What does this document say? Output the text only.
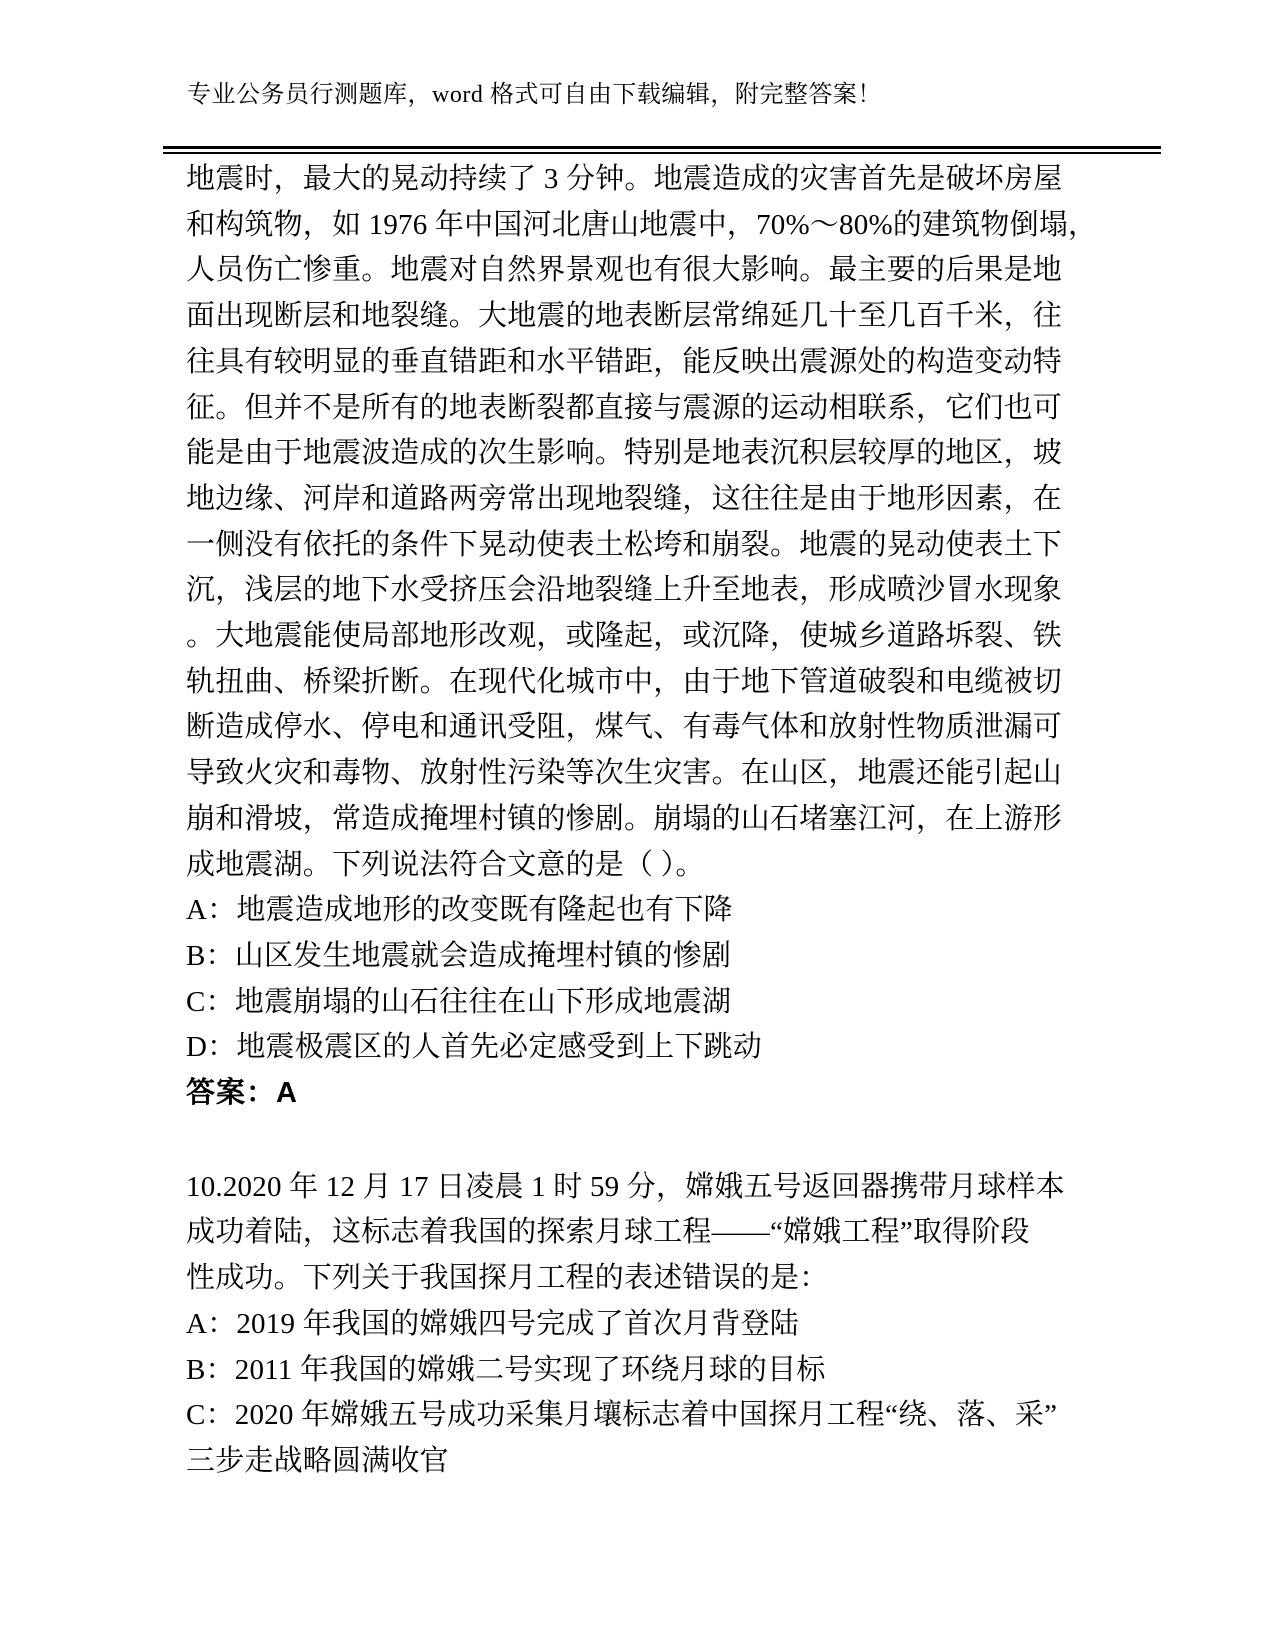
专业公务员行测题库，word 格式可自由下载编辑，附完整答案！
地震时，最大的晃动持续了 3 分钟。地震造成的灾害首先是破坏房屋
和构筑物，如 1976 年中国河北唐山地震中，70%～80%的建筑物倒塌，
人员伤亡惨重。地震对自然界景观也有很大影响。最主要的后果是地
面出现断层和地裂缝。大地震的地表断层常绵延几十至几百千米，往
往具有较明显的垂直错距和水平错距，能反映出震源处的构造变动特
征。但并不是所有的地表断裂都直接与震源的运动相联系，它们也可
能是由于地震波造成的次生影响。特别是地表沉积层较厚的地区，坡
地边缘、河岸和道路两旁常出现地裂缝，这往往是由于地形因素，在
一侧没有依托的条件下晃动使表土松垮和崩裂。地震的晃动使表土下
沉，浅层的地下水受挤压会沿地裂缝上升至地表，形成喷沙冒水现象
。大地震能使局部地形改观，或隆起，或沉降，使城乡道路坼裂、铁
轨扭曲、桥梁折断。在现代化城市中，由于地下管道破裂和电缆被切
断造成停水、停电和通讯受阻，煤气、有毒气体和放射性物质泄漏可
导致火灾和毒物、放射性污染等次生灾害。在山区，地震还能引起山
崩和滑坡，常造成掩埋村镇的惨剧。崩塌的山石堵塞江河，在上游形
成地震湖。下列说法符合文意的是（ ）。
A：地震造成地形的改变既有隆起也有下降
B：山区发生地震就会造成掩埋村镇的惨剧
C：地震崩塌的山石往往在山下形成地震湖
D：地震极震区的人首先必定感受到上下跳动
答案：A
10.2020 年 12 月 17 日凌晨 1 时 59 分，嫦娥五号返回器携带月球样本
成功着陆，这标志着我国的探索月球工程——“嫦娥工程”取得阶段
性成功。下列关于我国探月工程的表述错误的是：
A：2019 年我国的嫦娥四号完成了首次月背登陆
B：2011 年我国的嫦娥二号实现了环绕月球的目标
C：2020 年嫦娥五号成功采集月壤标志着中国探月工程“绕、落、采”
三步走战略圆满收官
